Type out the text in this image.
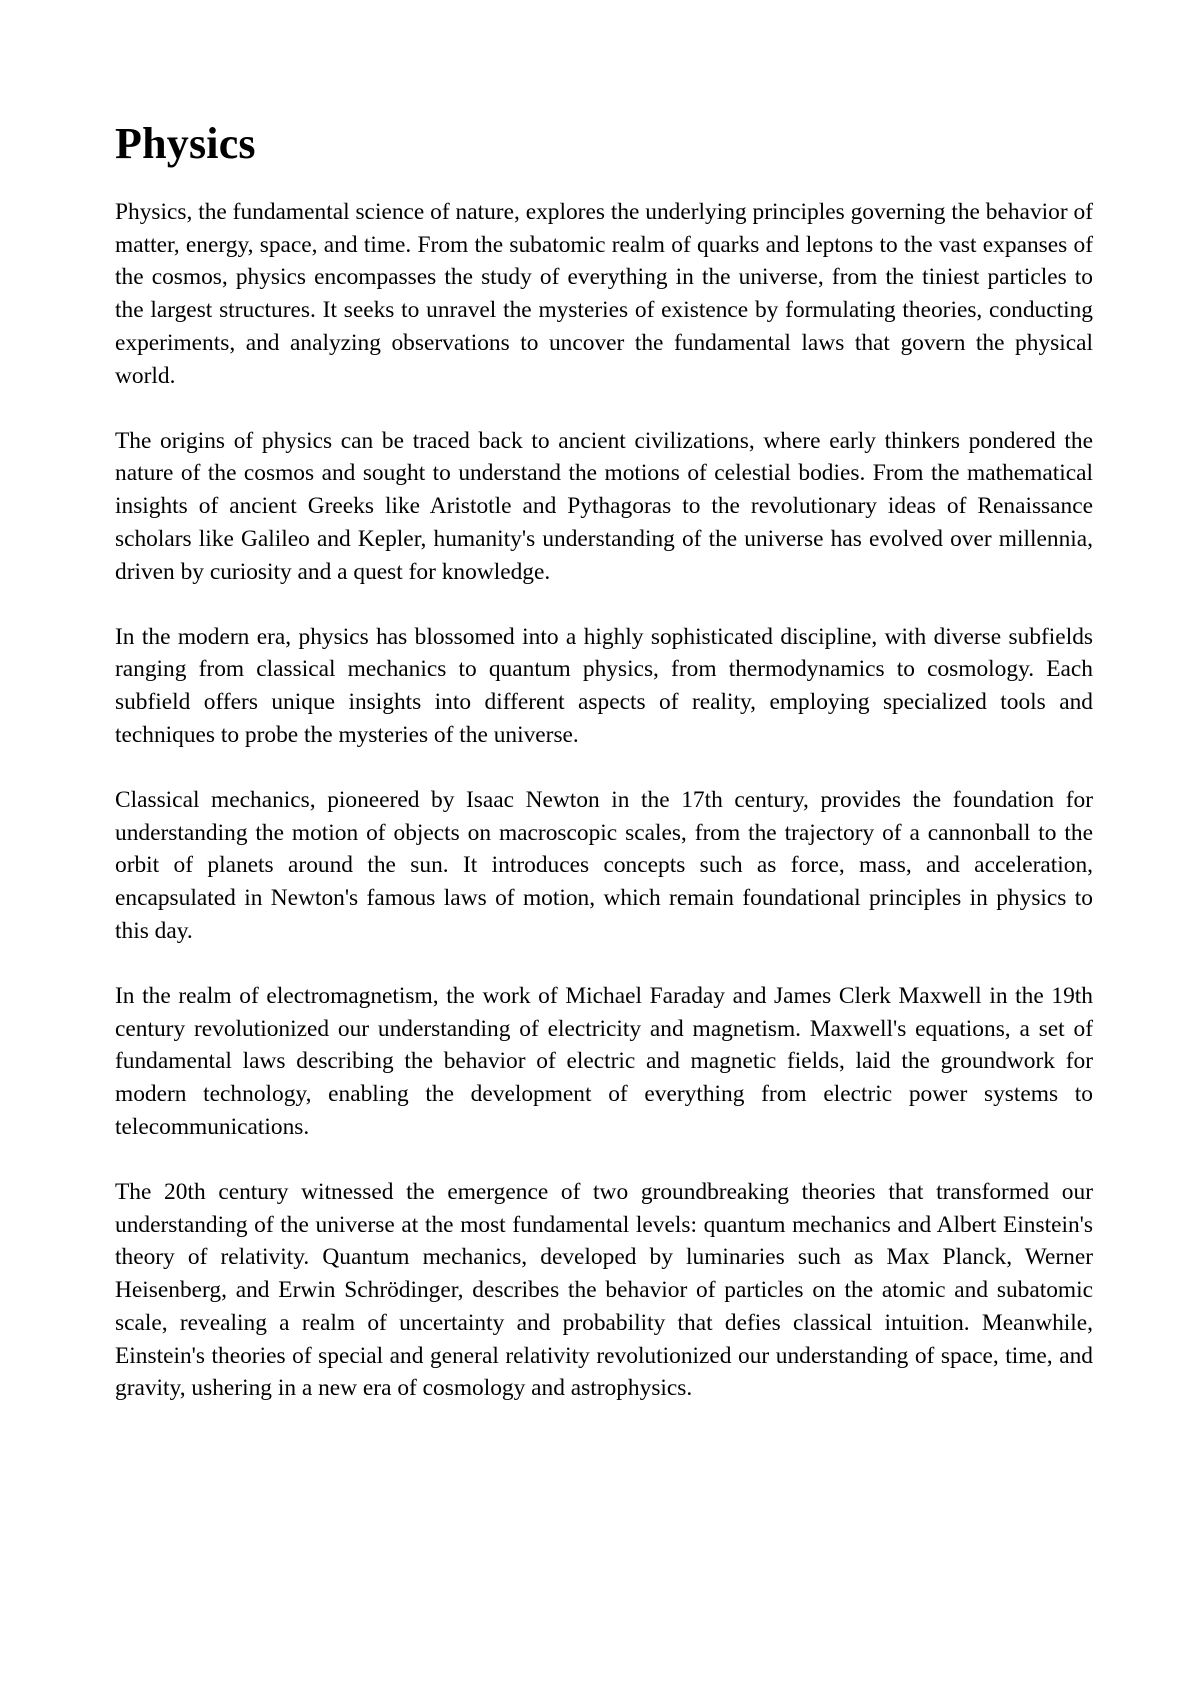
Physics

Physics, the fundamental science of nature, explores the underlying principles governing the behavior of matter, energy, space, and time. From the subatomic realm of quarks and leptons to the vast expanses of the cosmos, physics encompasses the study of everything in the universe, from the tiniest particles to the largest structures. It seeks to unravel the mysteries of existence by formulating theories, conducting experiments, and analyzing observations to uncover the fundamental laws that govern the physical world.

The origins of physics can be traced back to ancient civilizations, where early thinkers pondered the nature of the cosmos and sought to understand the motions of celestial bodies. From the mathematical insights of ancient Greeks like Aristotle and Pythagoras to the revolutionary ideas of Renaissance scholars like Galileo and Kepler, humanity's understanding of the universe has evolved over millennia, driven by curiosity and a quest for knowledge.

In the modern era, physics has blossomed into a highly sophisticated discipline, with diverse subfields ranging from classical mechanics to quantum physics, from thermodynamics to cosmology. Each subfield offers unique insights into different aspects of reality, employing specialized tools and techniques to probe the mysteries of the universe.

Classical mechanics, pioneered by Isaac Newton in the 17th century, provides the foundation for understanding the motion of objects on macroscopic scales, from the trajectory of a cannonball to the orbit of planets around the sun. It introduces concepts such as force, mass, and acceleration, encapsulated in Newton's famous laws of motion, which remain foundational principles in physics to this day.

In the realm of electromagnetism, the work of Michael Faraday and James Clerk Maxwell in the 19th century revolutionized our understanding of electricity and magnetism. Maxwell's equations, a set of fundamental laws describing the behavior of electric and magnetic fields, laid the groundwork for modern technology, enabling the development of everything from electric power systems to telecommunications.

The 20th century witnessed the emergence of two groundbreaking theories that transformed our understanding of the universe at the most fundamental levels: quantum mechanics and Albert Einstein's theory of relativity. Quantum mechanics, developed by luminaries such as Max Planck, Werner Heisenberg, and Erwin Schrödinger, describes the behavior of particles on the atomic and subatomic scale, revealing a realm of uncertainty and probability that defies classical intuition. Meanwhile, Einstein's theories of special and general relativity revolutionized our understanding of space, time, and gravity, ushering in a new era of cosmology and astrophysics.
